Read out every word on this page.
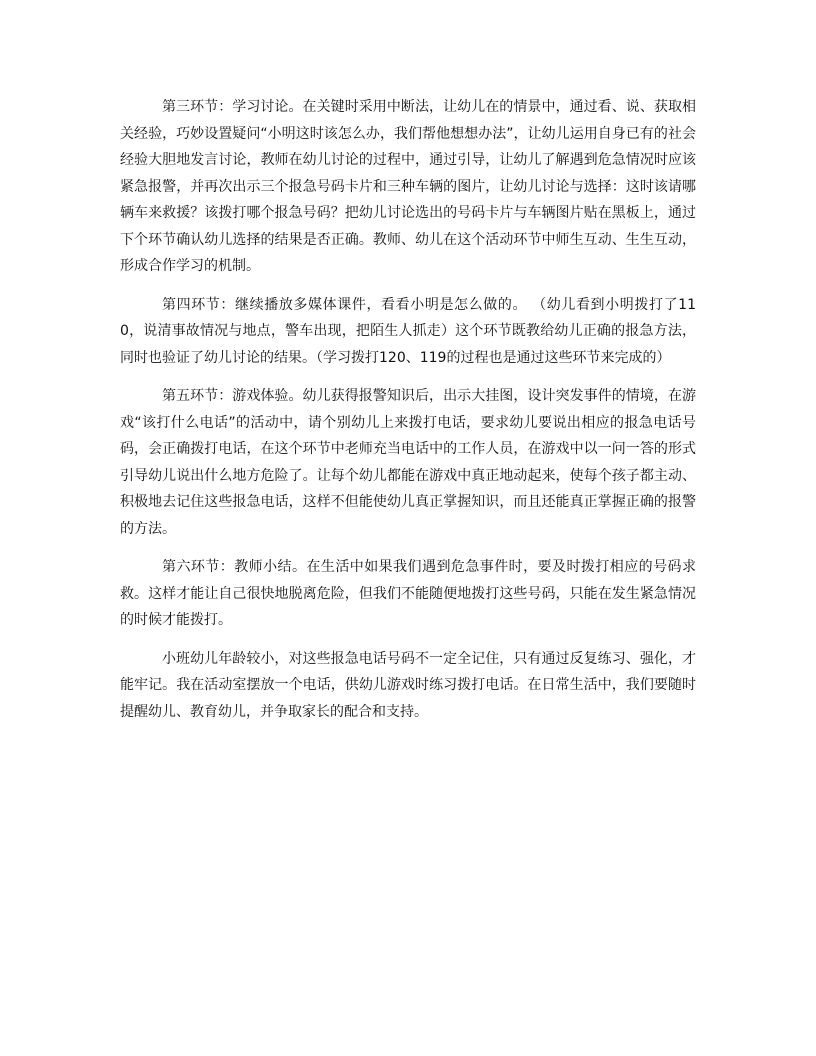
第三环节：学习讨论。在关键时采用中断法，让幼儿在的情景中，通过看、说、获取相关经验，巧妙设置疑问“小明这时该怎么办，我们帮他想想办法”，让幼儿运用自身已有的社会经验大胆地发言讨论，教师在幼儿讨论的过程中，通过引导，让幼儿了解遇到危急情况时应该紧急报警，并再次出示三个报急号码卡片和三种车辆的图片，让幼儿讨论与选择：这时该请哪辆车来救援？该拨打哪个报急号码？把幼儿讨论选出的号码卡片与车辆图片贴在黑板上，通过下个环节确认幼儿选择的结果是否正确。教师、幼儿在这个活动环节中师生互动、生生互动，形成合作学习的机制。

第四环节：继续播放多媒体课件，看看小明是怎么做的。 （幼儿看到小明拨打了110，说清事故情况与地点，警车出现，把陌生人抓走）这个环节既教给幼儿正确的报急方法，同时也验证了幼儿讨论的结果。（学习拨打120、119的过程也是通过这些环节来完成的）

第五环节：游戏体验。幼儿获得报警知识后，出示大挂图，设计突发事件的情境，在游戏“该打什么电话”的活动中，请个别幼儿上来拨打电话，要求幼儿要说出相应的报急电话号码，会正确拨打电话，在这个环节中老师充当电话中的工作人员，在游戏中以一问一答的形式引导幼儿说出什么地方危险了。让每个幼儿都能在游戏中真正地动起来，使每个孩子都主动、积极地去记住这些报急电话，这样不但能使幼儿真正掌握知识，而且还能真正掌握正确的报警的方法。

第六环节：教师小结。在生活中如果我们遇到危急事件时，要及时拨打相应的号码求救。这样才能让自己很快地脱离危险，但我们不能随便地拨打这些号码，只能在发生紧急情况的时候才能拨打。

小班幼儿年龄较小，对这些报急电话号码不一定全记住，只有通过反复练习、强化，才能牢记。我在活动室摆放一个电话，供幼儿游戏时练习拨打电话。在日常生活中，我们要随时提醒幼儿、教育幼儿，并争取家长的配合和支持。
